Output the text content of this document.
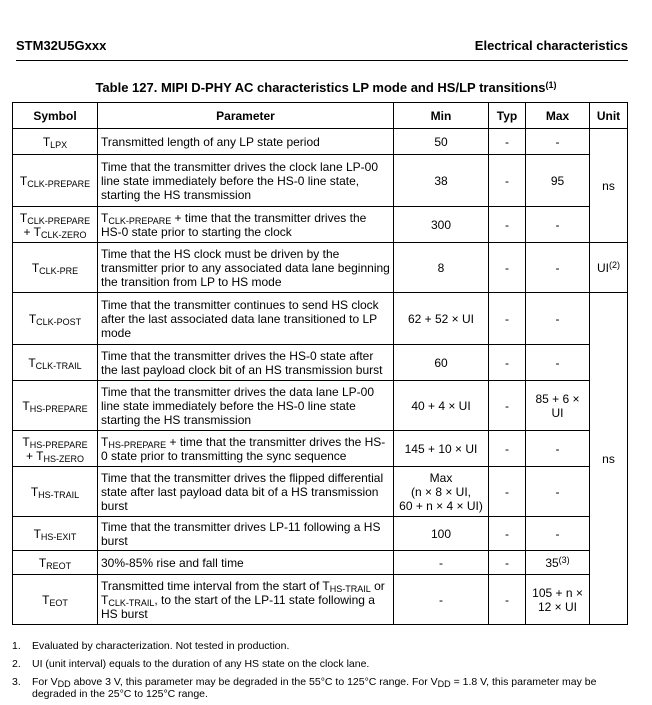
STM32U5Gxxx	Electrical characteristics
Table 127. MIPI D-PHY AC characteristics LP mode and HS/LP transitions$^{(1)}$
Symbol	Parameter	Min	Typ	Max	Unit
$T_{LPX}$	Transmitted length of any LP state period	50	-	-	ns
$T_{CLK-PREPARE}$	Time that the transmitter drives the clock lane LP-00 line state immediately before the HS-0 line state, starting the HS transmission	38	-	95	
$T_{CLK-PREPARE}$
+ $T_{CLK-ZERO}$	$T_{CLK-PREPARE}$ + time that the transmitter drives the HS-0 state prior to starting the clock	300	-	-	
$T_{CLK-PRE}$	Time that the HS clock must be driven by the transmitter prior to any associated data lane beginning the transition from LP to HS mode	8	-	-	UI$^{(2)}$
$T_{CLK-POST}$	Time that the transmitter continues to send HS clock after the last associated data lane transitioned to LP mode	62 + 52 × UI	-	-	ns
$T_{CLK-TRAIL}$	Time that the transmitter drives the HS-0 state after the last payload clock bit of an HS transmission burst	60	-	-	
$T_{HS-PREPARE}$	Time that the transmitter drives the data lane LP-00 line state immediately before the HS-0 line state starting the HS transmission	40 + 4 × UI	-	85 + 6 × UI	
$T_{HS-PREPARE}$
+ $T_{HS-ZERO}$	$T_{HS-PREPARE}$ + time that the transmitter drives the HS-0 state prior to transmitting the sync sequence	145 + 10 × UI	-	-	
$T_{HS-TRAIL}$	Time that the transmitter drives the flipped differential state after last payload data bit of a HS transmission burst	Max
(n × 8 × UI,
60 + n × 4 × UI)	-	-	
$T_{HS-EXIT}$	Time that the transmitter drives LP-11 following a HS burst	100	-	-	
$T_{REOT}$	30%-85% rise and fall time	-	-	35$^{(3)}$
$T_{EOT}$	Transmitted time interval from the start of $T_{HS-TRAIL}$ or $T_{CLK-TRAIL}$, to the start of the LP-11 state following a HS burst	-	-	105 + n ×
12 × UI	
1. Evaluated by characterization. Not tested in production.
2. UI (unit interval) equals to the duration of any HS state on the clock lane.
3. For $V_{DD}$ above 3 V, this parameter may be degraded in the 55°C to 125°C range. For $V_{DD} = 1.8$ V, this parameter may be degraded in the 25°C to 125°C range.
